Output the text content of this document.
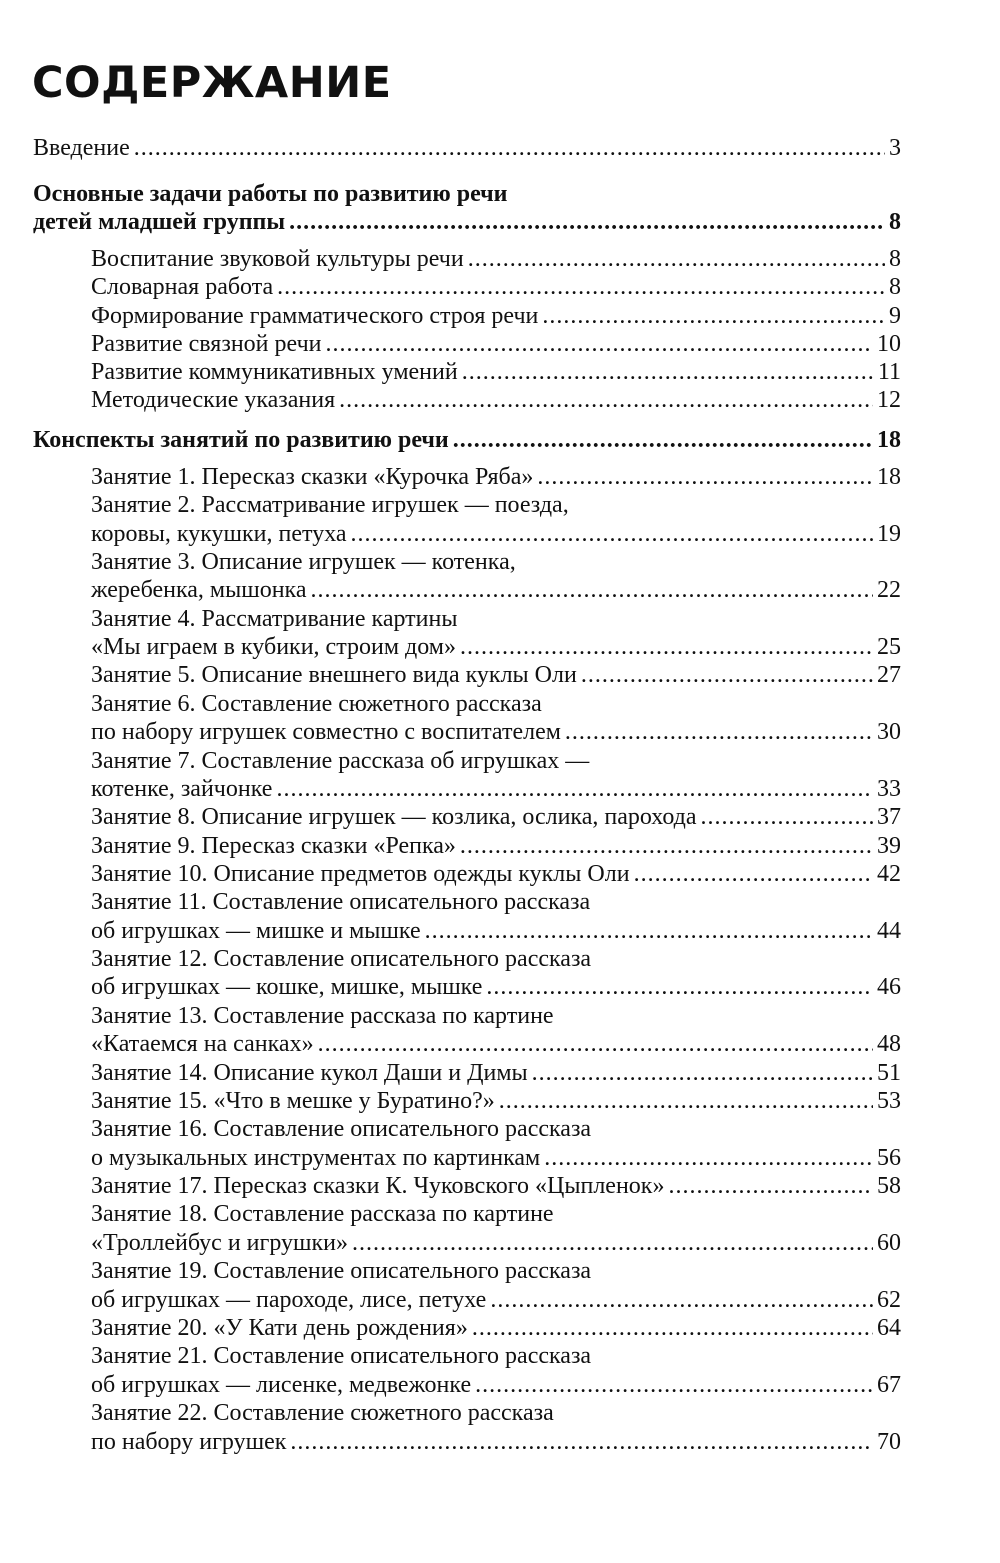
СОДЕРЖАНИЕ
Введение .....	3
Основные задачи работы по развитию речи
детей младшей группы .....	8
Воспитание звуковой культуры речи .....	8
Словарная работа .....	8
Формирование грамматического строя речи .....	9
Развитие связной речи .....	10
Развитие коммуникативных умений .....	11
Методические указания .....	12
Конспекты занятий по развитию речи .....	18
Занятие 1. Пересказ сказки «Курочка Ряба» .....	18
Занятие 2. Рассматривание игрушек — поезда,
коровы, кукушки, петуха .....	19
Занятие 3. Описание игрушек — котенка,
жеребенка, мышонка .....	22
Занятие 4. Рассматривание картины
«Мы играем в кубики, строим дом» .....	25
Занятие 5. Описание внешнего вида куклы Оли .....	27
Занятие 6. Составление сюжетного рассказа
по набору игрушек совместно с воспитателем .....	30
Занятие 7. Составление рассказа об игрушках —
котенке, зайчонке .....	33
Занятие 8. Описание игрушек — козлика, ослика, парохода .....	37
Занятие 9. Пересказ сказки «Репка» .....	39
Занятие 10. Описание предметов одежды куклы Оли .....	42
Занятие 11. Составление описательного рассказа
об игрушках — мишке и мышке .....	44
Занятие 12. Составление описательного рассказа
об игрушках — кошке, мишке, мышке .....	46
Занятие 13. Составление рассказа по картине
«Катаемся на санках» .....	48
Занятие 14. Описание кукол Даши и Димы .....	51
Занятие 15. «Что в мешке у Буратино?» .....	53
Занятие 16. Составление описательного рассказа
о музыкальных инструментах по картинкам .....	56
Занятие 17. Пересказ сказки К. Чуковского «Цыпленок» .....	58
Занятие 18. Составление рассказа по картине
«Троллейбус и игрушки» .....	60
Занятие 19. Составление описательного рассказа
об игрушках — пароходе, лисе, петухе .....	62
Занятие 20. «У Кати день рождения» .....	64
Занятие 21. Составление описательного рассказа
об игрушках — лисенке, медвежонке .....	67
Занятие 22. Составление сюжетного рассказа
по набору игрушек .....	70
